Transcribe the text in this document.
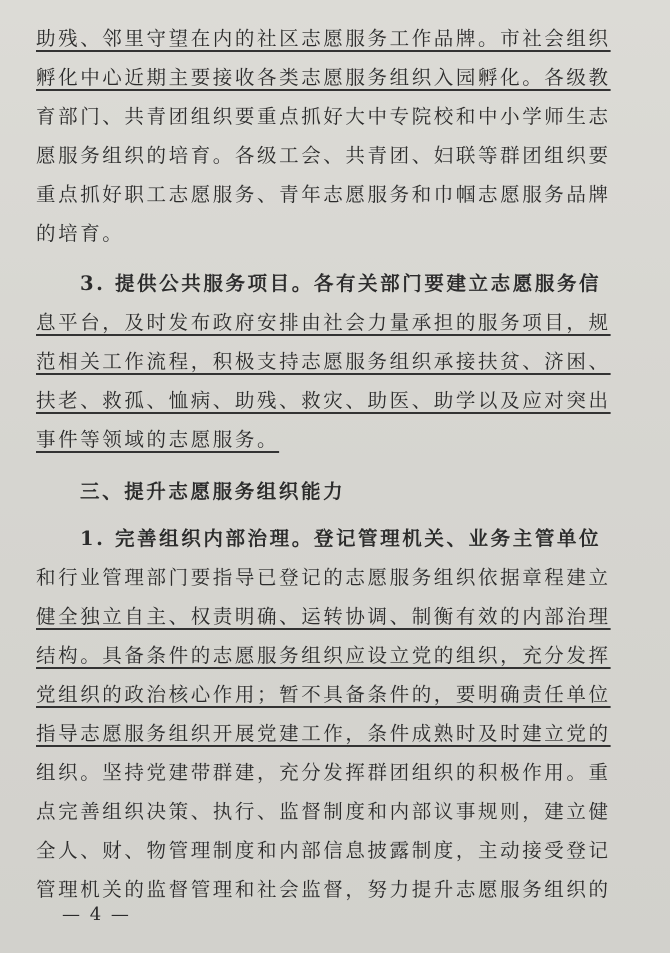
助残、邻里守望在内的社区志愿服务工作品牌。市社会组织
孵化中心近期主要接收各类志愿服务组织入园孵化。各级教
育部门、共青团组织要重点抓好大中专院校和中小学师生志
愿服务组织的培育。各级工会、共青团、妇联等群团组织要
重点抓好职工志愿服务、青年志愿服务和巾帼志愿服务品牌
的培育。
3. 提供公共服务项目。各有关部门要建立志愿服务信
息平台，及时发布政府安排由社会力量承担的服务项目，规
范相关工作流程，积极支持志愿服务组织承接扶贫、济困、
扶老、救孤、恤病、助残、救灾、助医、助学以及应对突出
事件等领域的志愿服务。
三、提升志愿服务组织能力
1. 完善组织内部治理。登记管理机关、业务主管单位
和行业管理部门要指导已登记的志愿服务组织依据章程建立
健全独立自主、权责明确、运转协调、制衡有效的内部治理
结构。具备条件的志愿服务组织应设立党的组织，充分发挥
党组织的政治核心作用；暂不具备条件的，要明确责任单位
指导志愿服务组织开展党建工作，条件成熟时及时建立党的
组织。坚持党建带群建，充分发挥群团组织的积极作用。重
点完善组织决策、执行、监督制度和内部议事规则，建立健
全人、财、物管理制度和内部信息披露制度，主动接受登记
管理机关的监督管理和社会监督，努力提升志愿服务组织的
— 4 —
